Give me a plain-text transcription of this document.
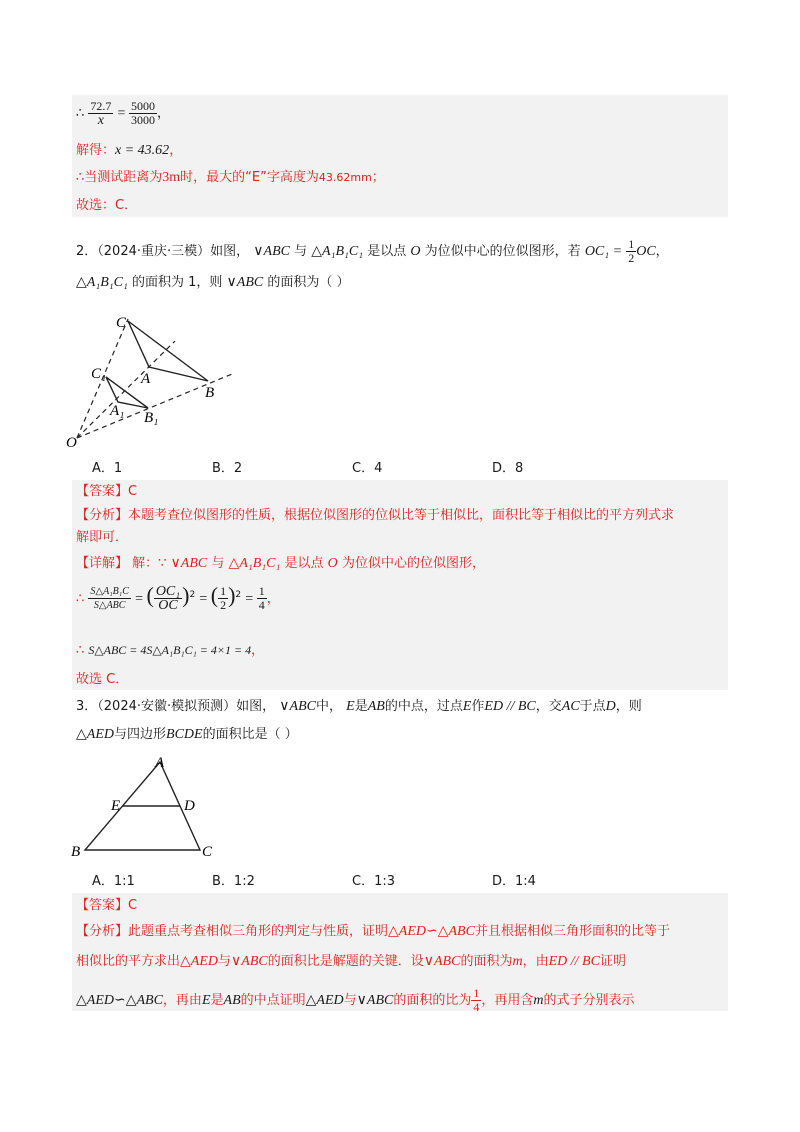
∴ $\frac{72.7}{x} = \frac{5000}{3000}$ ，
解得：x = 43.62，
∴当测试距离为3m时，最大的“E”字高度为43.62mm；
故选：C．
2．（2024·重庆·三模）如图， ∨ABC 与 △A₁B₁C₁ 是以点 O 为位似中心的位似图形，若 $OC_1 = \frac{1}{2}$ OC，
△A₁B₁C₁ 的面积为 1，则 ∨ABC 的面积为（ ）
C
A
B
C₁
A₁ B₁
O
A．1	B．2	C．4	D．8
【答案】C
【分析】本题考查位似图形的性质，根据位似图形的位似比等于相似比，面积比等于相似比的平方列式求
解即可．
【详解】 解：∵ ∨ABC 与 △A₁B₁C₁ 是以点 O 为位似中心的位似图形，
∴ $\frac{\text{S△A₁B₁C}}{\text{S△ABC}}$ = ( $\frac{\text{OC₁}}{OC} )^2$ = ( $\frac{1}{2} )^2 = \frac{1}{4}$ ，
∴ S△ABC = 4S△A₁B₁C₁ = 4×1 = 4，
故选 C．
3．（2024·安徽·模拟预测）如图， ∨ABC中， E是AB的中点，过点E作ED // BC，交AC于点D，则
△AED与四边形BCDE的面积比是（ ）
A
E	D
B	C
A．1:1	B．1:2	C．1:3	D．1:4
【答案】C
【分析】此题重点考查相似三角形的判定与性质，证明△AED∽△ABC并且根据相似三角形面积的比等于
相似比的平方求出△AED与∨ABC的面积比是解题的关键．设∨ABC的面积为m，由ED // BC证明
△AED∽△ABC，再由E是AB的中点证明△AED与∨ABC的面积的比为 $\frac{1}{4}$ ，再用含m的式子分别表示
